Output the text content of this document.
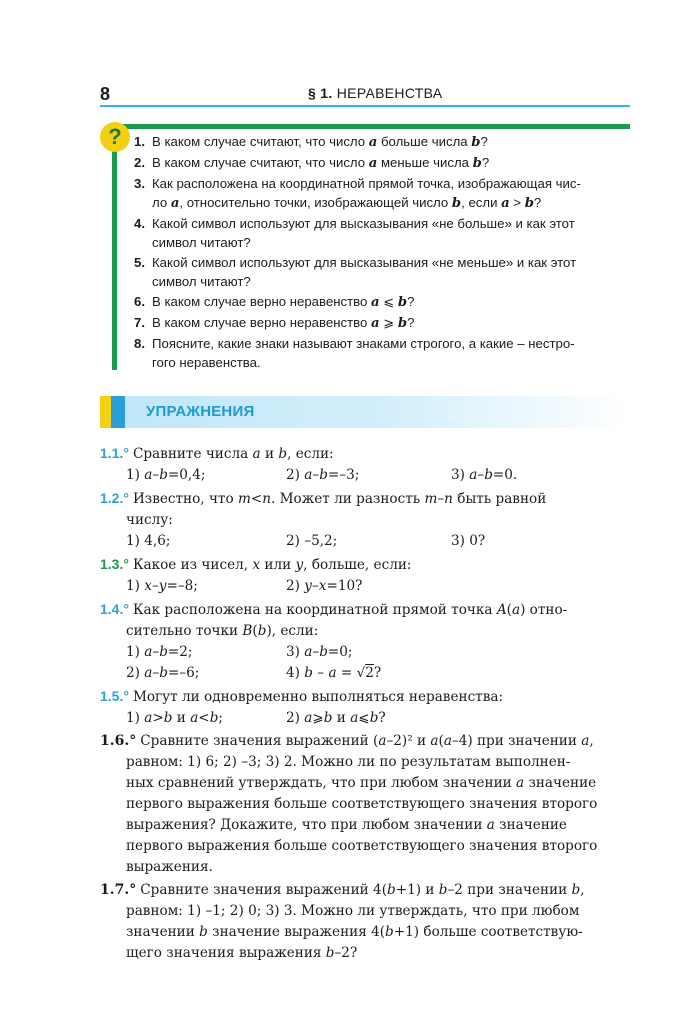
8	§ 1. НЕРАВЕНСТВА
? 1. В каком случае считают, что число a больше числа b?
2. В каком случае считают, что число a меньше числа b?
3. Как расположена на координатной прямой точка, изображающая чис-
ло a, относительно точки, изображающей число b, если a > b?
4. Какой символ используют для высказывания «не больше» и как этот
символ читают?
5. Какой символ используют для высказывания «не меньше» и как этот
символ читают?
6. В каком случае верно неравенство a ⩽ b?
7. В каком случае верно неравенство a ⩾ b?
8. Поясните, какие знаки называют знаками строгого, а какие – нестро-
гого неравенства.
УПРАЖНЕНИЯ
1.1.° Сравните числа a и b, если:
1) a–b=0,4;	2) a–b=–3;	3) a–b=0.
1.2.° Известно, что m<n. Может ли разность m–n быть равной
числу:
1) 4,6;	2) –5,2;	3) 0?
1.3.° Какое из чисел, x или y, больше, если:
1) x–y=–8;	2) y–x=10?
1.4.° Как расположена на координатной прямой точка A(a) отно-
сительно точки B(b), если:
1) a–b=2;	3) a–b=0;
2) a–b=–6;	4) b – a = √2?
1.5.° Могут ли одновременно выполняться неравенства:
1) a>b и a<b;	2) a⩾b и a⩽b?
1.6.° Сравните значения выражений (a–2)² и a(a–4) при значении a,
равном: 1) 6; 2) –3; 3) 2. Можно ли по результатам выполнен-
ных сравнений утверждать, что при любом значении a значение
первого выражения больше соответствующего значения второго
выражения? Докажите, что при любом значении a значение
первого выражения больше соответствующего значения второго
выражения.
1.7.° Сравните значения выражений 4(b+1) и b–2 при значении b,
равном: 1) –1; 2) 0; 3) 3. Можно ли утверждать, что при любом
значении b значение выражения 4(b+1) больше соответствую-
щего значения выражения b–2?
